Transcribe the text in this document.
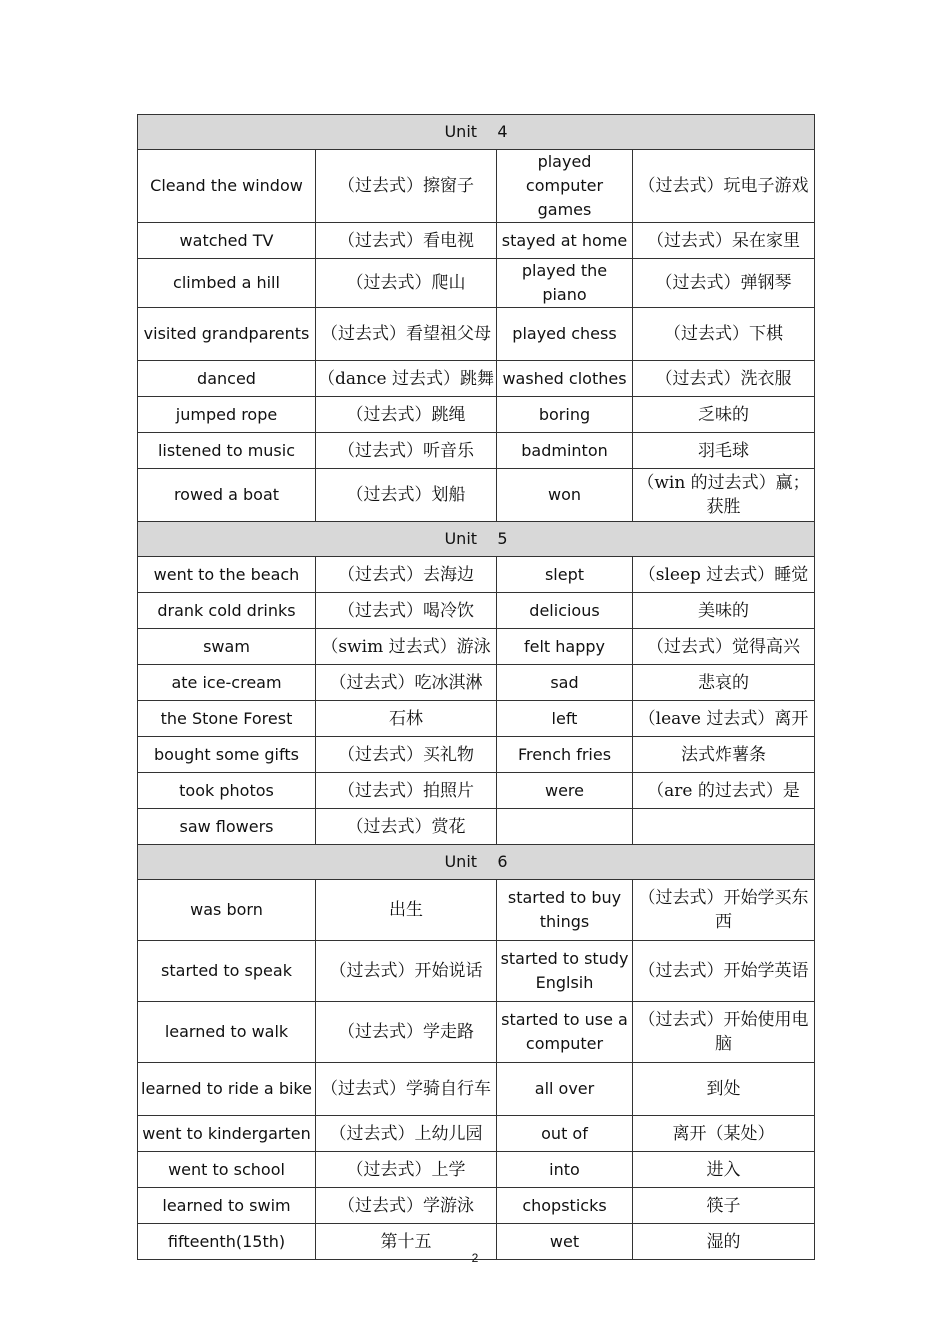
Unit    4			
Cleand the window	（过去式）擦窗子	played computer games	（过去式）玩电子游戏
watched TV	（过去式）看电视	stayed at home	（过去式）呆在家里
climbed a hill	（过去式）爬山	played the piano	（过去式）弹钢琴
visited grandparents	（过去式）看望祖父母	played chess	（过去式）下棋
danced	（dance 过去式）跳舞	washed clothes	（过去式）洗衣服
jumped rope	（过去式）跳绳	boring	乏味的
listened to music	（过去式）听音乐	badminton	羽毛球
rowed a boat	（过去式）划船	won	（win 的过去式）赢；获胜
Unit    5			
went to the beach	（过去式）去海边	slept	（sleep 过去式）睡觉
drank cold drinks	（过去式）喝冷饮	delicious	美味的
swam	（swim 过去式）游泳	felt happy	（过去式）觉得高兴
ate ice-cream	（过去式）吃冰淇淋	sad	悲哀的
the Stone Forest	石林	left	（leave 过去式）离开
bought some gifts	（过去式）买礼物	French fries	法式炸薯条
took photos	（过去式）拍照片	were	（are 的过去式）是
saw flowers	（过去式）赏花		
Unit    6			
was born	出生	started to buy things	（过去式）开始学买东西
started to speak	（过去式）开始说话	started to study Englsih	（过去式）开始学英语
learned to walk	（过去式）学走路	started to use a computer	（过去式）开始使用电脑
learned to ride a bike	（过去式）学骑自行车	all over	到处
went to kindergarten	（过去式）上幼儿园	out of	离开（某处）
went to school	（过去式）上学	into	进入
learned to swim	（过去式）学游泳	chopsticks	筷子
fifteenth(15th)	第十五	wet	湿的
2
